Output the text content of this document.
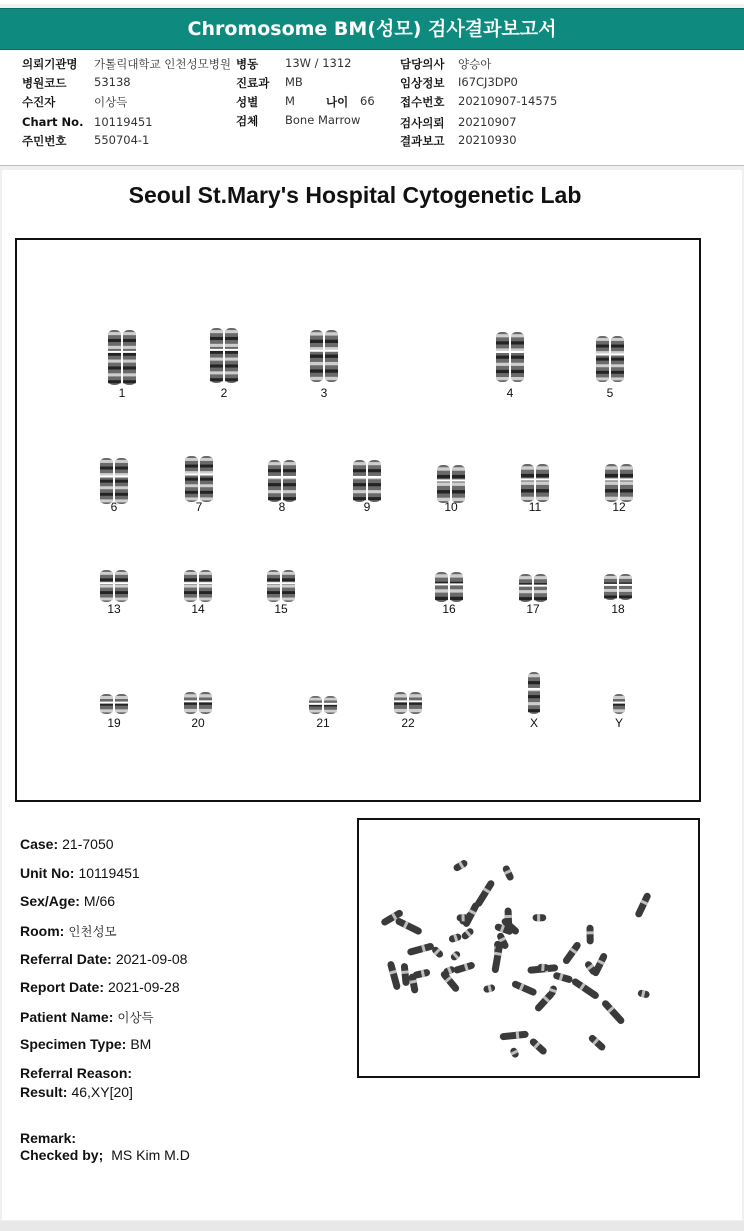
Chromosome BM(성모) 검사결과보고서
의뢰기관명 가톨릭대학교 인천성모병원
병원코드 53138
수진자	이상득
Chart No. 10119451
주민번호 550704-1
병동 13W / 1312
진료과 MB
성별 M	나이 66
검체 Bone Marrow
담당의사 양승아
임상정보 I67CJ3DP0
접수번호 20210907-14575
검사의뢰 20210907
결과보고 20210930
Seoul St.Mary's Hospital Cytogenetic Lab
1	2	3	4	5
6	7	8	9	10	11	12
13	14	15	16	17	18
19	20	21	22	X	Y
Case: 21-7050
Unit No: 10119451
Sex/Age: M/66
Room: 인천성모
Referral Date: 2021-09-08
Report Date: 2021-09-28
Patient Name: 이상득
Specimen Type: BM
Referral Reason:
Result: 46,XY[20]
Remark:
Checked by; MS Kim M.D
